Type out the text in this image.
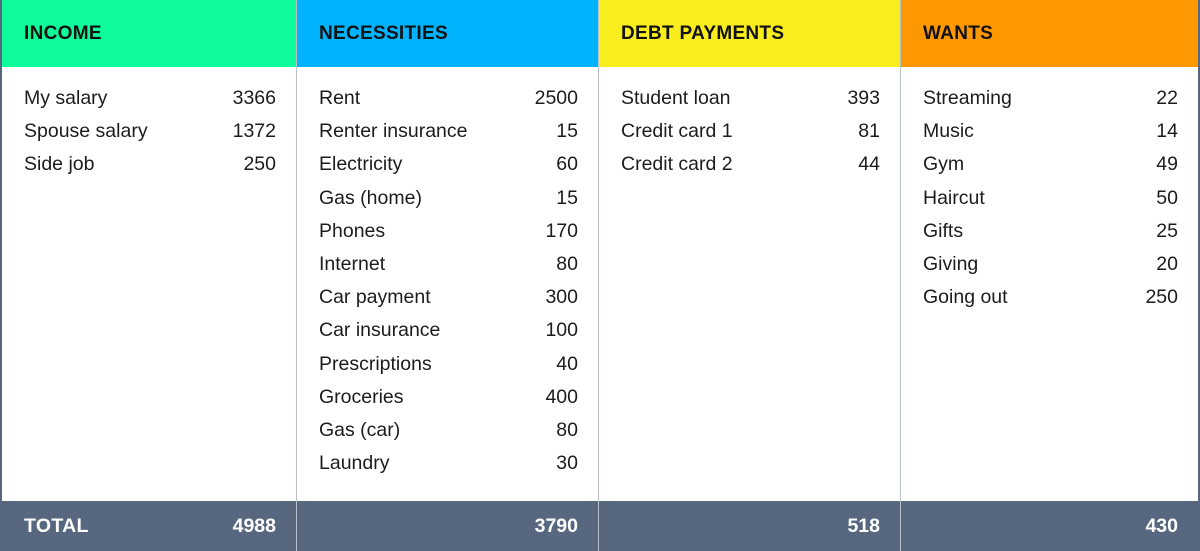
INCOME
My salary	3366
Spouse salary	1372
Side job	250
TOTAL	4988
NECESSITIES
Rent	2500
Renter insurance	15
Electricity	60
Gas (home)	15
Phones	170
Internet	80
Car payment	300
Car insurance	100
Prescriptions	40
Groceries	400
Gas (car)	80
Laundry	30
3790
DEBT PAYMENTS
Student loan	393
Credit card 1	81
Credit card 2	44
518
WANTS
Streaming	22
Music	14
Gym	49
Haircut	50
Gifts	25
Giving	20
Going out	250
430
